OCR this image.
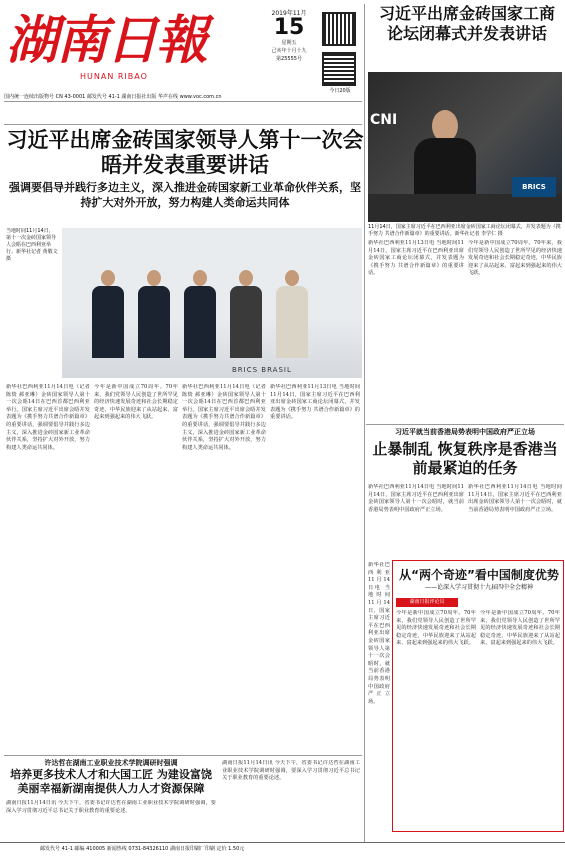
湖南日報
HUNAN RIBAO
2019年11月
15
星期五
己亥年十月十九
第25555号
今日20版
国内统一连续出版物号 CN 43-0001 邮发代号 41-1 湖南日报社出版 华声在线 www.voc.com.cn
习近平出席金砖国家工商论坛闭幕式并发表讲话
CNI
BRICS
11月14日，国家主席习近平在巴西利亚出席金砖国家工商论坛闭幕式，并发表题为《携手努力 共谱合作新篇章》的重要讲话。新华社记者 李学仁 摄
新华社巴西利亚11月13日电 当地时间11月14日，国家主席习近平在巴西利亚出席金砖国家工商论坛闭幕式，并发表题为《携手努力 共谱合作新篇章》的重要讲话。
今年是新中国成立70周年。70年来，我们党领导人民创造了世所罕见的经济快速发展奇迹和社会长期稳定奇迹，中华民族迎来了从站起来、富起来到强起来的伟大飞跃。
习近平出席金砖国家领导人第十一次会晤并发表重要讲话
强调要倡导并践行多边主义，深入推进金砖国家新工业革命伙伴关系，坚持扩大对外开放，努力构建人类命运共同体
当地时间11月14日，第十一次金砖国家领导人会晤在巴西利亚举行。新华社记者 黄敬文 摄
BRICS BRASIL
新华社巴西利亚11月14日电（记者 陈贽 郝亚琳）金砖国家领导人第十一次会晤14日在巴西首都巴西利亚举行。国家主席习近平出席会晤并发表题为《携手努力共谱合作新篇章》的重要讲话，强调要倡导并践行多边主义，深入推进金砖国家新工业革命伙伴关系，坚持扩大对外开放，努力构建人类命运共同体。
今年是新中国成立70周年。70年来，我们党领导人民创造了世所罕见的经济快速发展奇迹和社会长期稳定奇迹，中华民族迎来了从站起来、富起来到强起来的伟大飞跃。
新华社巴西利亚11月14日电（记者 陈贽 郝亚琳）金砖国家领导人第十一次会晤14日在巴西首都巴西利亚举行。国家主席习近平出席会晤并发表题为《携手努力共谱合作新篇章》的重要讲话，强调要倡导并践行多边主义，深入推进金砖国家新工业革命伙伴关系，坚持扩大对外开放，努力构建人类命运共同体。
新华社巴西利亚11月13日电 当地时间11月14日，国家主席习近平在巴西利亚出席金砖国家工商论坛闭幕式，并发表题为《携手努力 共谱合作新篇章》的重要讲话。
习近平就当前香港局势表明中国政府严正立场
止暴制乱 恢复秩序是香港当前最紧迫的任务
新华社巴西利亚11月14日电 当地时间11月14日，国家主席习近平在巴西利亚出席金砖国家领导人第十一次会晤时，就当前香港局势表明中国政府严正立场。
新华社巴西利亚11月14日电 当地时间11月14日，国家主席习近平在巴西利亚出席金砖国家领导人第十一次会晤时，就当前香港局势表明中国政府严正立场。
从“两个奇迹”看中国制度优势
——论深入学习贯彻十九届四中全会精神
湖南日报评论员
今年是新中国成立70周年。70年来，我们党领导人民创造了世所罕见的经济快速发展奇迹和社会长期稳定奇迹，中华民族迎来了从站起来、富起来到强起来的伟大飞跃。
今年是新中国成立70周年。70年来，我们党领导人民创造了世所罕见的经济快速发展奇迹和社会长期稳定奇迹，中华民族迎来了从站起来、富起来到强起来的伟大飞跃。
新华社巴西利亚11月14日电 当地时间11月14日，国家主席习近平在巴西利亚出席金砖国家领导人第十一次会晤时，就当前香港局势表明中国政府严正立场。
许达哲在湖南工业职业技术学院调研时强调
培养更多技术人才和大国工匠 为建设富饶美丽幸福新湖南提供人力人才资源保障
湖南日报11月14日讯 今天下午，省委书记许达哲在湖南工业职业技术学院调研时强调，要深入学习贯彻习近平总书记关于职业教育的重要论述。
湖南日报11月14日讯 今天下午，省委书记许达哲在湖南工业职业技术学院调研时强调，要深入学习贯彻习近平总书记关于职业教育的重要论述。
邮发代号 41-1 邮编 410005 新闻热线 0731-84326110 湖南日报印刷厂印刷 定价 1.50元
